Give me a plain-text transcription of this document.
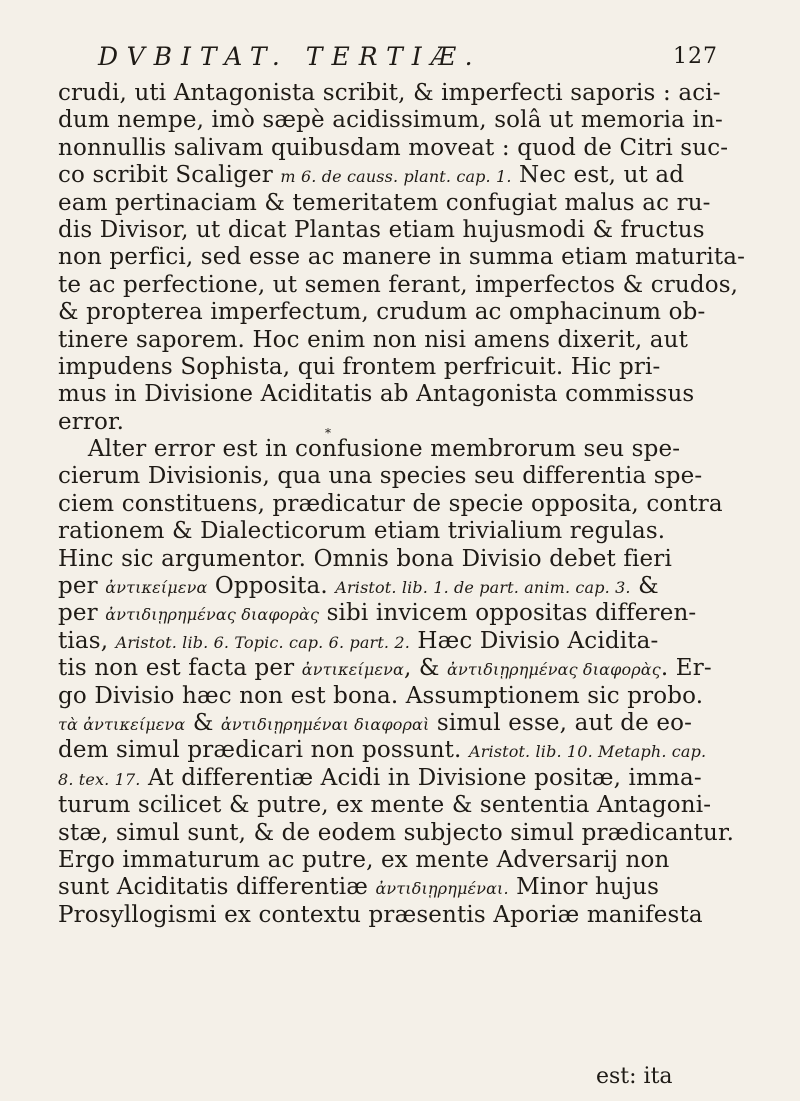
DVBITAT. TERTIÆ.	127
crudi, uti Antagonista scribit, & imperfecti saporis : aci-
dum nempe, imò sæpè acidissimum, solâ ut memoria in-
nonnullis salivam quibusdam moveat : quod de Citri suc-
co scribit Scaliger m 6. de causs. plant. cap. 1. Nec est, ut ad
eam pertinaciam & temeritatem confugiat malus ac ru-
dis Divisor, ut dicat Plantas etiam hujusmodi & fructus
non perfici, sed esse ac manere in summa etiam maturita-
te ac perfectione, ut semen ferant, imperfectos & crudos,
& propterea imperfectum, crudum ac omphacinum ob-
tinere saporem. Hoc enim non nisi amens dixerit, aut
impudens Sophista, qui frontem perfricuit. Hic pri-
mus in Divisione Aciditatis ab Antagonista commissus
error.
Alter error est in confusione membrorum seu spe-
cierum Divisionis, qua una species seu differentia spe-
ciem constituens, prædicatur de specie opposita, contra
rationem & Dialecticorum etiam trivialium regulas.
Hinc sic argumentor. Omnis bona Divisio debet fieri
per ἀντικείμενα Opposita. Aristot. lib. 1. de part. anim. cap. 3. &
per ἀντιδιῃρημένας διαφορὰς sibi invicem oppositas differen-
tias, Aristot. lib. 6. Topic. cap. 6. part. 2. Hæc Divisio Acidita-
tis non est facta per ἀντικείμενα, & ἀντιδιῃρημένας διαφορὰς. Er-
go Divisio hæc non est bona. Assumptionem sic probo.
τὰ ἀντικείμενα & ἀντιδιῃρημέναι διαφοραὶ simul esse, aut de eo-
dem simul prædicari non possunt. Aristot. lib. 10. Metaph. cap.
8. tex. 17. At differentiæ Acidi in Divisione positæ, imma-
turum scilicet & putre, ex mente & sententia Antagoni-
stæ, simul sunt, & de eodem subjecto simul prædicantur.
Ergo immaturum ac putre, ex mente Adversarij non
sunt Aciditatis differentiæ ἀντιδιῃρημέναι. Minor hujus
Prosyllogismi ex contextu præsentis Aporiæ manifesta
*
est: ita
